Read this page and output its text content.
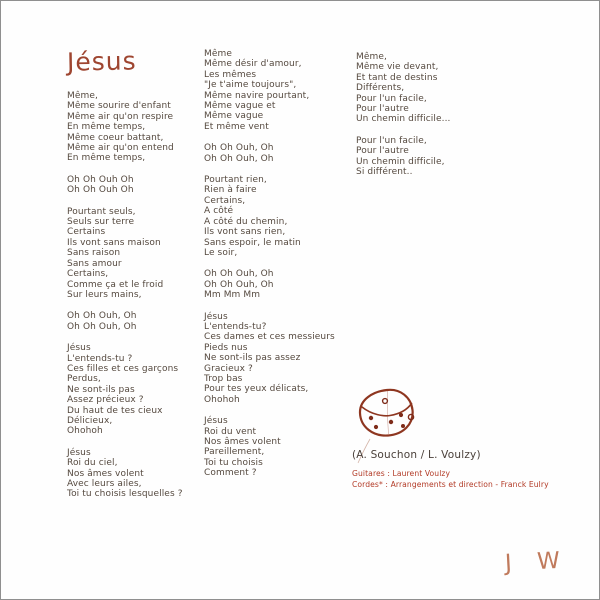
Jésus
Même,
Même sourire d'enfant
Même air qu'on respire
En même temps,
Même coeur battant,
Même air qu'on entend
En même temps,
Oh Oh Ouh Oh
Oh Oh Ouh Oh
Pourtant seuls,
Seuls sur terre
Certains
Ils vont sans maison
Sans raison
Sans amour
Certains,
Comme ça et le froid
Sur leurs mains,
Oh Oh Ouh, Oh
Oh Oh Ouh, Oh
Jésus
L'entends-tu ?
Ces filles et ces garçons
Perdus,
Ne sont-ils pas
Assez précieux ?
Du haut de tes cieux
Délicieux,
Ohohoh
Jésus
Roi du ciel,
Nos âmes volent
Avec leurs ailes,
Toi tu choisis lesquelles ?
Même
Même désir d'amour,
Les mêmes
"Je t'aime toujours",
Même navire pourtant,
Même vague et
Même vague
Et même vent
Oh Oh Ouh, Oh
Oh Oh Ouh, Oh
Pourtant rien,
Rien à faire
Certains,
A côté
A côté du chemin,
Ils vont sans rien,
Sans espoir, le matin
Le soir,
Oh Oh Ouh, Oh
Oh Oh Ouh, Oh
Mm Mm Mm
Jésus
L'entends-tu?
Ces dames et ces messieurs
Pieds nus
Ne sont-ils pas assez
Gracieux ?
Trop bas
Pour tes yeux délicats,
Ohohoh
Jésus
Roi du vent
Nos âmes volent
Pareillement,
Toi tu choisis
Comment ?
Même,
Même vie devant,
Et tant de destins
Différents,
Pour l'un facile,
Pour l'autre
Un chemin difficile...
Pour l'un facile,
Pour l'autre
Un chemin difficile,
Si différent..
(A. Souchon / L. Voulzy)
Guitares : Laurent Voulzy
Cordes* : Arrangements et direction - Franck Eulry
J W
